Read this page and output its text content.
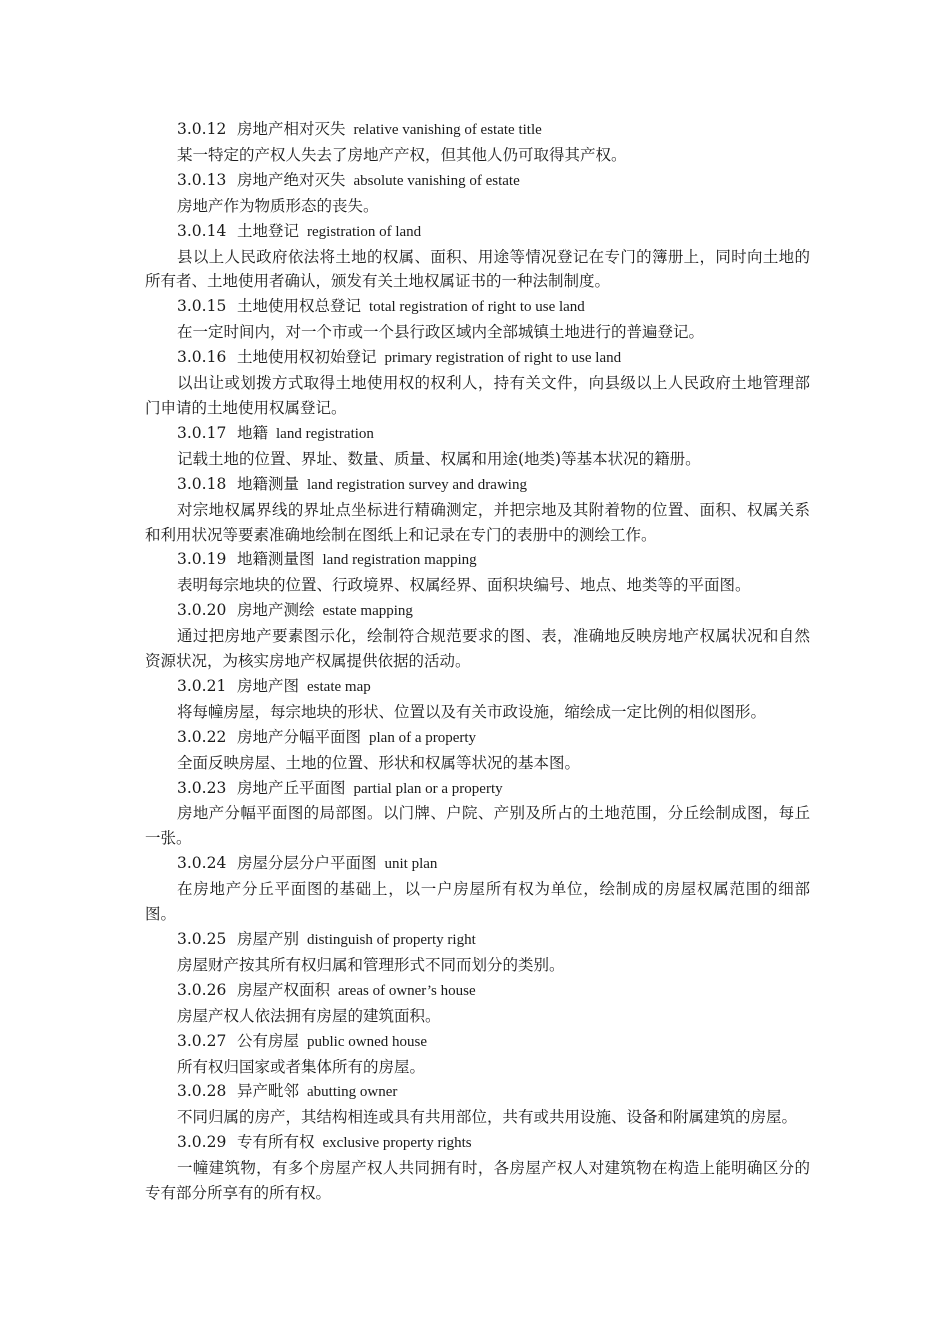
3.0.12 房地产相对灭失 relative vanishing of estate title

某一特定的产权人失去了房地产产权，但其他人仍可取得其产权。

3.0.13 房地产绝对灭失 absolute vanishing of estate

房地产作为物质形态的丧失。

3.0.14 土地登记 registration of land

县以上人民政府依法将土地的权属、面积、用途等情况登记在专门的簿册上，同时向土地的所有者、土地使用者确认，颁发有关土地权属证书的一种法制制度。

3.0.15 土地使用权总登记 total registration of right to use land

在一定时间内，对一个市或一个县行政区域内全部城镇土地进行的普遍登记。

3.0.16 土地使用权初始登记 primary registration of right to use land

以出让或划拨方式取得土地使用权的权利人，持有关文件，向县级以上人民政府土地管理部门申请的土地使用权属登记。

3.0.17 地籍 land registration

记载土地的位置、界址、数量、质量、权属和用途(地类)等基本状况的籍册。

3.0.18 地籍测量 land registration survey and drawing

对宗地权属界线的界址点坐标进行精确测定，并把宗地及其附着物的位置、面积、权属关系和利用状况等要素准确地绘制在图纸上和记录在专门的表册中的测绘工作。

3.0.19 地籍测量图 land registration mapping

表明每宗地块的位置、行政境界、权属经界、面积块编号、地点、地类等的平面图。

3.0.20 房地产测绘 estate mapping

通过把房地产要素图示化，绘制符合规范要求的图、表，准确地反映房地产权属状况和自然资源状况，为核实房地产权属提供依据的活动。

3.0.21 房地产图 estate map

将每幢房屋，每宗地块的形状、位置以及有关市政设施，缩绘成一定比例的相似图形。

3.0.22 房地产分幅平面图 plan of a property

全面反映房屋、土地的位置、形状和权属等状况的基本图。

3.0.23 房地产丘平面图 partial plan or a property

房地产分幅平面图的局部图。以门牌、户院、产别及所占的土地范围，分丘绘制成图，每丘一张。

3.0.24 房屋分层分户平面图 unit plan

在房地产分丘平面图的基础上，以一户房屋所有权为单位，绘制成的房屋权属范围的细部图。

3.0.25 房屋产别 distinguish of property right

房屋财产按其所有权归属和管理形式不同而划分的类别。

3.0.26 房屋产权面积 areas of owner’s house

房屋产权人依法拥有房屋的建筑面积。

3.0.27 公有房屋 public owned house

所有权归国家或者集体所有的房屋。

3.0.28 异产毗邻 abutting owner

不同归属的房产，其结构相连或具有共用部位，共有或共用设施、设备和附属建筑的房屋。

3.0.29 专有所有权 exclusive property rights

一幢建筑物，有多个房屋产权人共同拥有时，各房屋产权人对建筑物在构造上能明确区分的专有部分所享有的所有权。
